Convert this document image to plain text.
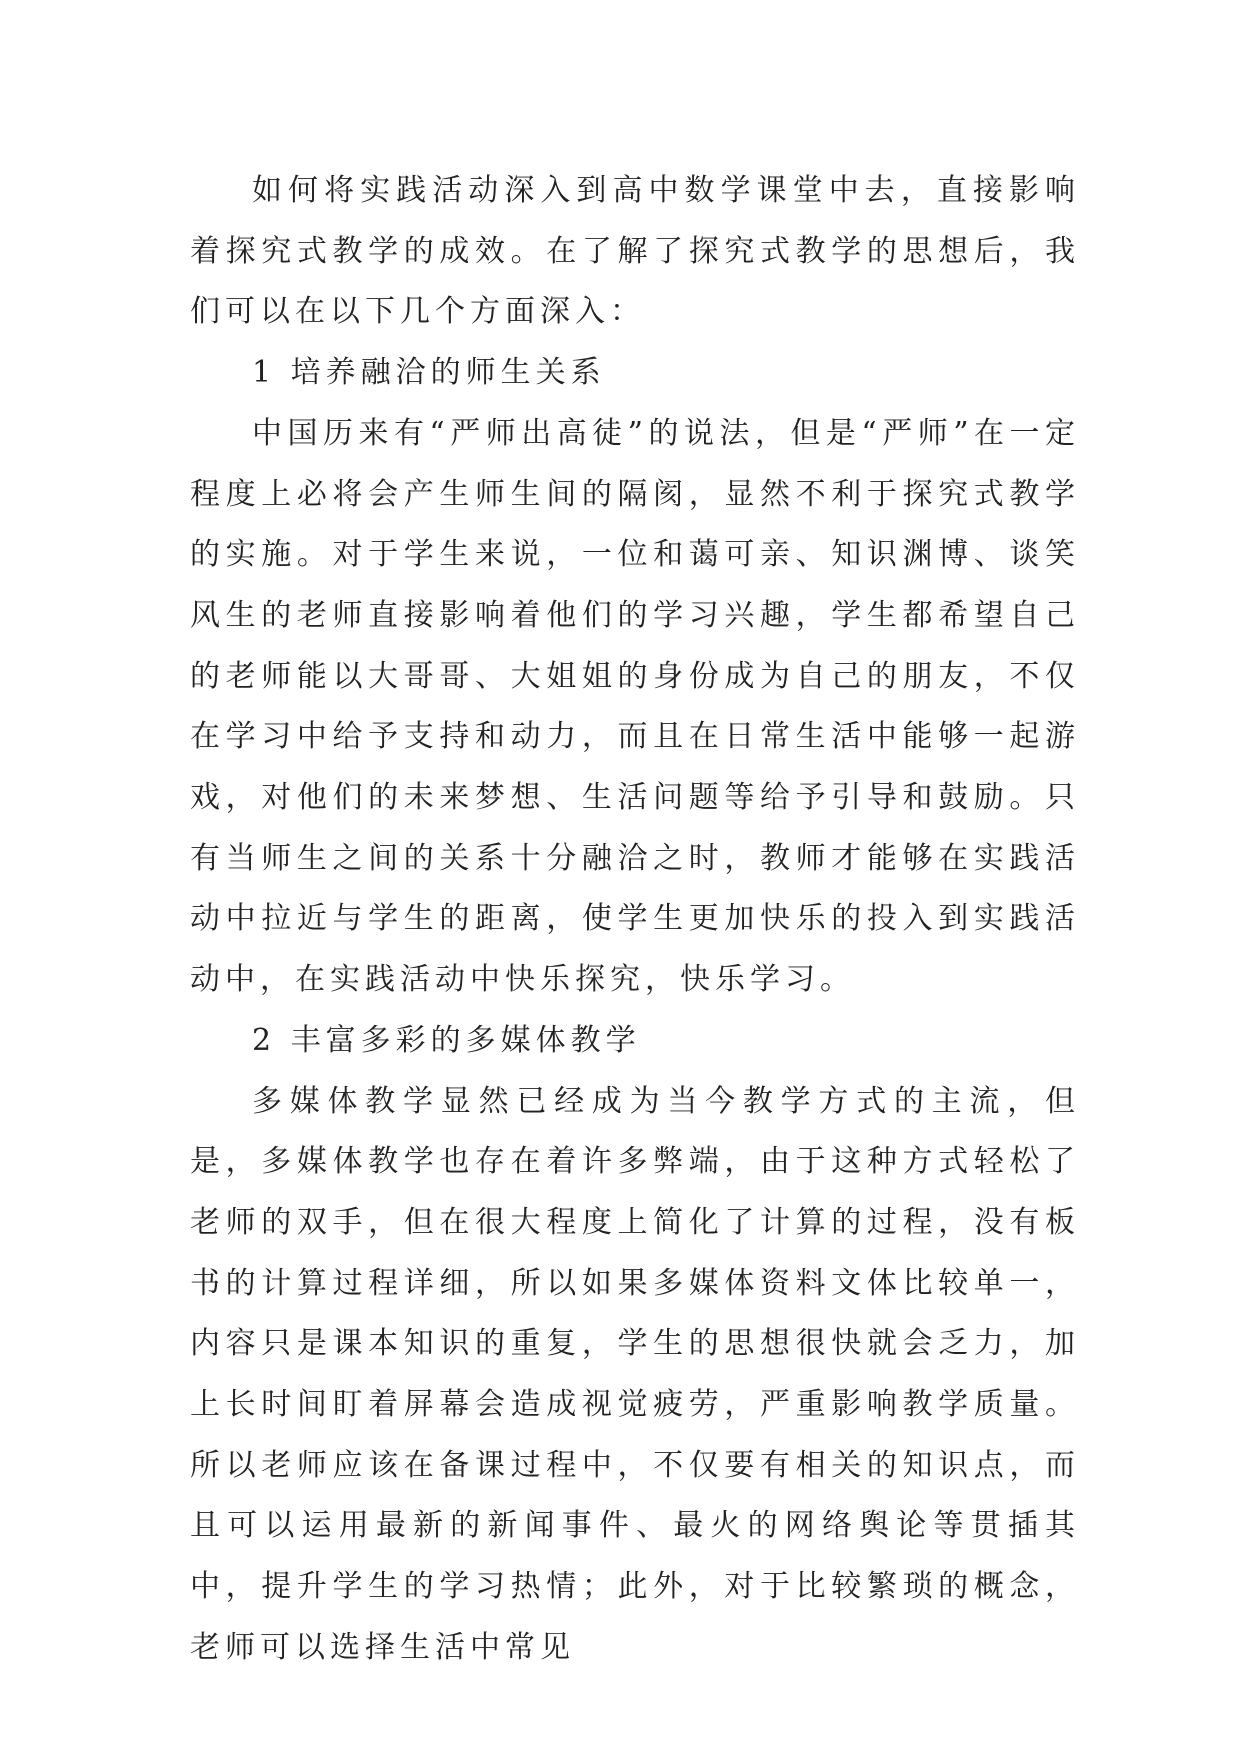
如何将实践活动深入到高中数学课堂中去，直接影响着探究式教学的成效。在了解了探究式教学的思想后，我们可以在以下几个方面深入：

1 培养融洽的师生关系

中国历来有“严师出高徒”的说法，但是“严师”在一定程度上必将会产生师生间的隔阂，显然不利于探究式教学的实施。对于学生来说，一位和蔼可亲、知识渊博、谈笑风生的老师直接影响着他们的学习兴趣，学生都希望自己的老师能以大哥哥、大姐姐的身份成为自己的朋友，不仅在学习中给予支持和动力，而且在日常生活中能够一起游戏，对他们的未来梦想、生活问题等给予引导和鼓励。只有当师生之间的关系十分融洽之时，教师才能够在实践活动中拉近与学生的距离，使学生更加快乐的投入到实践活动中，在实践活动中快乐探究，快乐学习。

2 丰富多彩的多媒体教学

多媒体教学显然已经成为当今教学方式的主流，但是，多媒体教学也存在着许多弊端，由于这种方式轻松了老师的双手，但在很大程度上简化了计算的过程，没有板书的计算过程详细，所以如果多媒体资料文体比较单一，内容只是课本知识的重复，学生的思想很快就会乏力，加上长时间盯着屏幕会造成视觉疲劳，严重影响教学质量。所以老师应该在备课过程中，不仅要有相关的知识点，而且可以运用最新的新闻事件、最火的网络舆论等贯插其中，提升学生的学习热情；此外，对于比较繁琐的概念，老师可以选择生活中常见
